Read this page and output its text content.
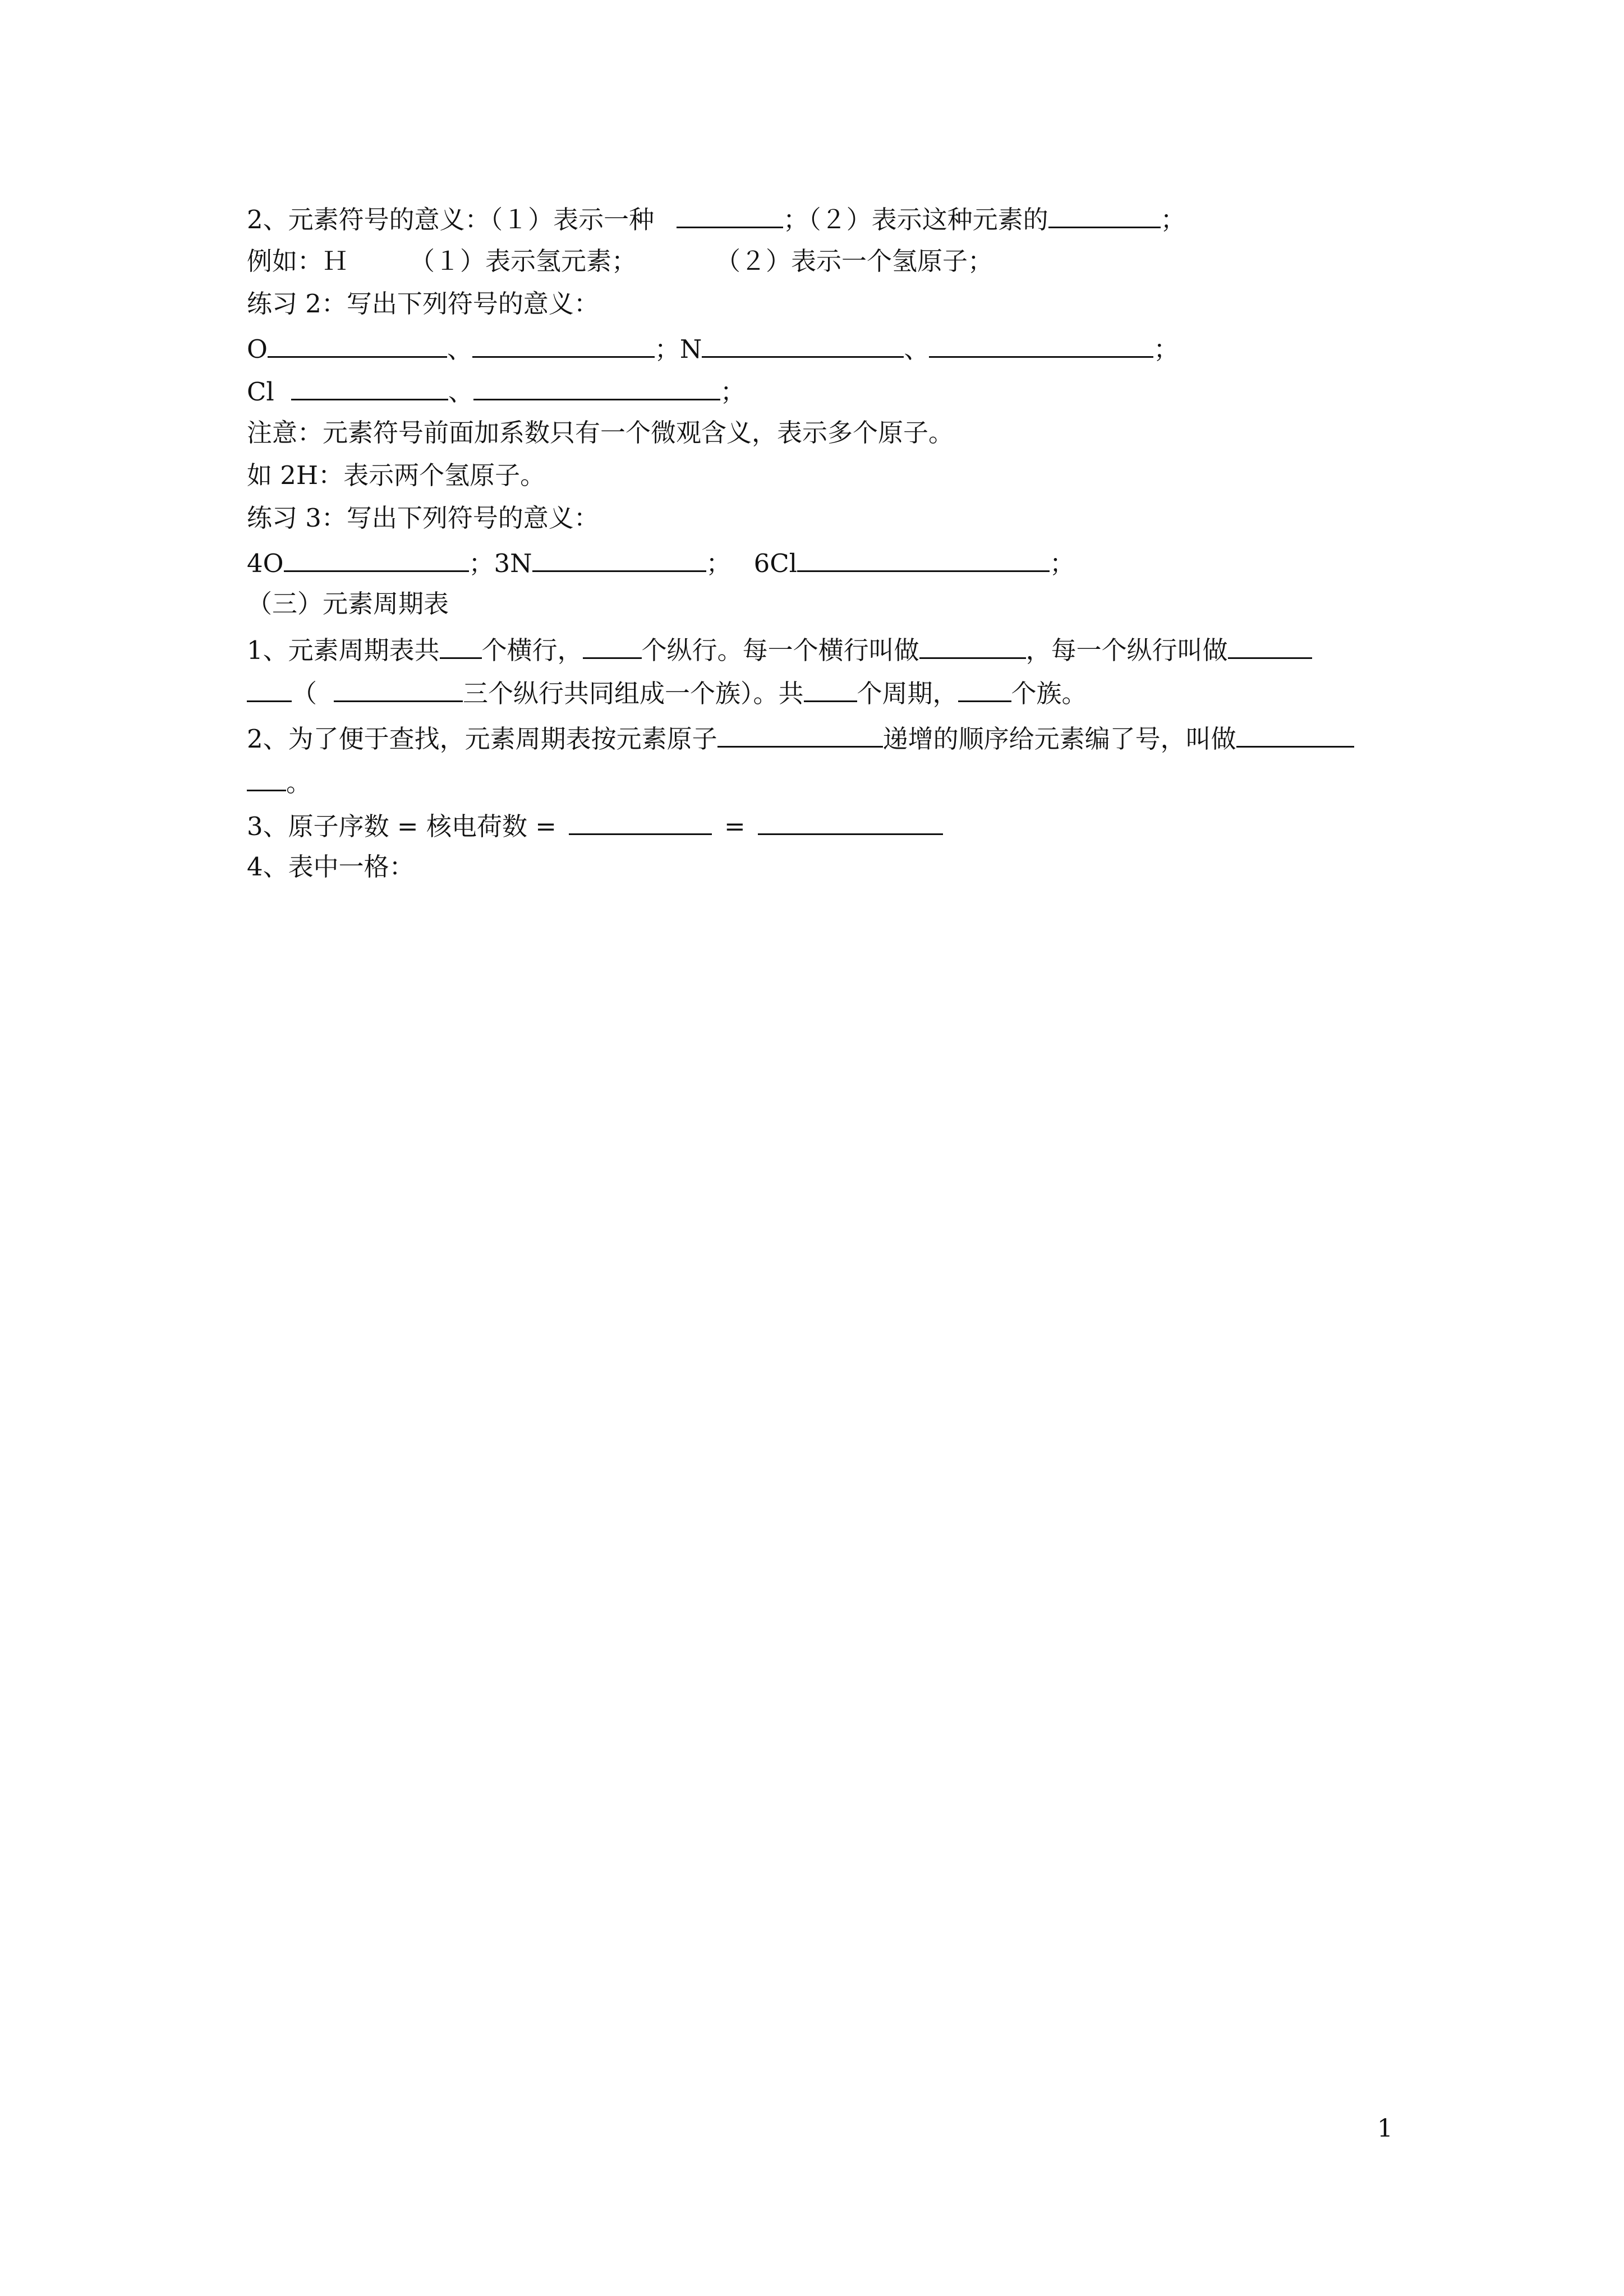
2、元素符号的意义：（１）表示一种	；（２）表示这种元素的	；
例如：Ｈ （１）表示氢元素；	（２）表示一个氢原子；
练习 2：写出下列符号的意义：
O	、	；N	、	；
Cl	、	；
注意：元素符号前面加系数只有一个微观含义，表示多个原子。
如 2H：表示两个氢原子。
练习 3：写出下列符号的意义：
4O	；3N	； 6Cl	；
（三）元素周期表
1、元素周期表共 个横行， 个纵行。每一个横行叫做	，每一个纵行叫做
（	三个纵行共同组成一个族）。共 个周期， 个族。
2、为了便于查找，元素周期表按元素原子	递增的顺序给元素编了号，叫做
。
3、原子序数 = 核电荷数 =	=
4、表中一格：
1
